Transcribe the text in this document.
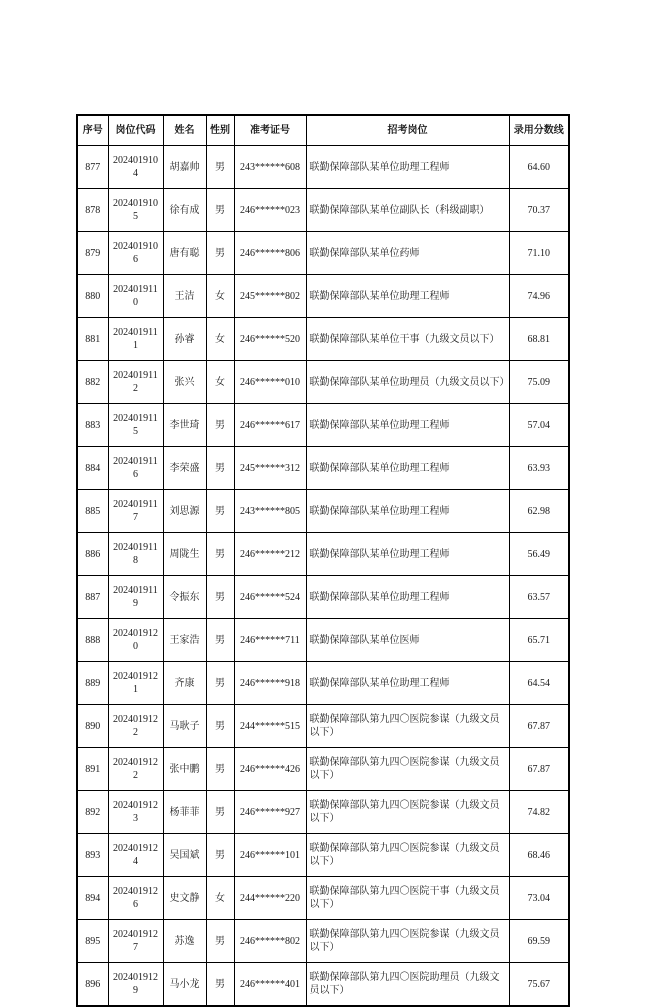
序号	岗位代码	姓名	性别	准考证号	招考岗位	录用分数线
877	2024019104	胡嘉帅	男	243******608	联勤保障部队某单位助理工程师	64.60
878	2024019105	徐有成	男	246******023	联勤保障部队某单位副队长（科级副职）	70.37
879	2024019106	唐有聪	男	246******806	联勤保障部队某单位药师	71.10
880	2024019110	王洁	女	245******802	联勤保障部队某单位助理工程师	74.96
881	2024019111	孙睿	女	246******520	联勤保障部队某单位干事（九级文员以下）	68.81
882	2024019112	张兴	女	246******010	联勤保障部队某单位助理员（九级文员以下）	75.09
883	2024019115	李世琦	男	246******617	联勤保障部队某单位助理工程师	57.04
884	2024019116	李荣盛	男	245******312	联勤保障部队某单位助理工程师	63.93
885	2024019117	刘思源	男	243******805	联勤保障部队某单位助理工程师	62.98
886	2024019118	周陇生	男	246******212	联勤保障部队某单位助理工程师	56.49
887	2024019119	令振东	男	246******524	联勤保障部队某单位助理工程师	63.57
888	2024019120	王家浩	男	246******711	联勤保障部队某单位医师	65.71
889	2024019121	齐康	男	246******918	联勤保障部队某单位助理工程师	64.54
890	2024019122	马耿子	男	244******515	联勤保障部队第九四〇医院参谋（九级文员以下）	67.87
891	2024019122	张中鹏	男	246******426	联勤保障部队第九四〇医院参谋（九级文员以下）	67.87
892	2024019123	杨菲菲	男	246******927	联勤保障部队第九四〇医院参谋（九级文员以下）	74.82
893	2024019124	吴国斌	男	246******101	联勤保障部队第九四〇医院参谋（九级文员以下）	68.46
894	2024019126	史文静	女	244******220	联勤保障部队第九四〇医院干事（九级文员以下）	73.04
895	2024019127	苏逸	男	246******802	联勤保障部队第九四〇医院参谋（九级文员以下）	69.59
896	2024019129	马小龙	男	246******401	联勤保障部队第九四〇医院助理员（九级文员以下）	75.67
